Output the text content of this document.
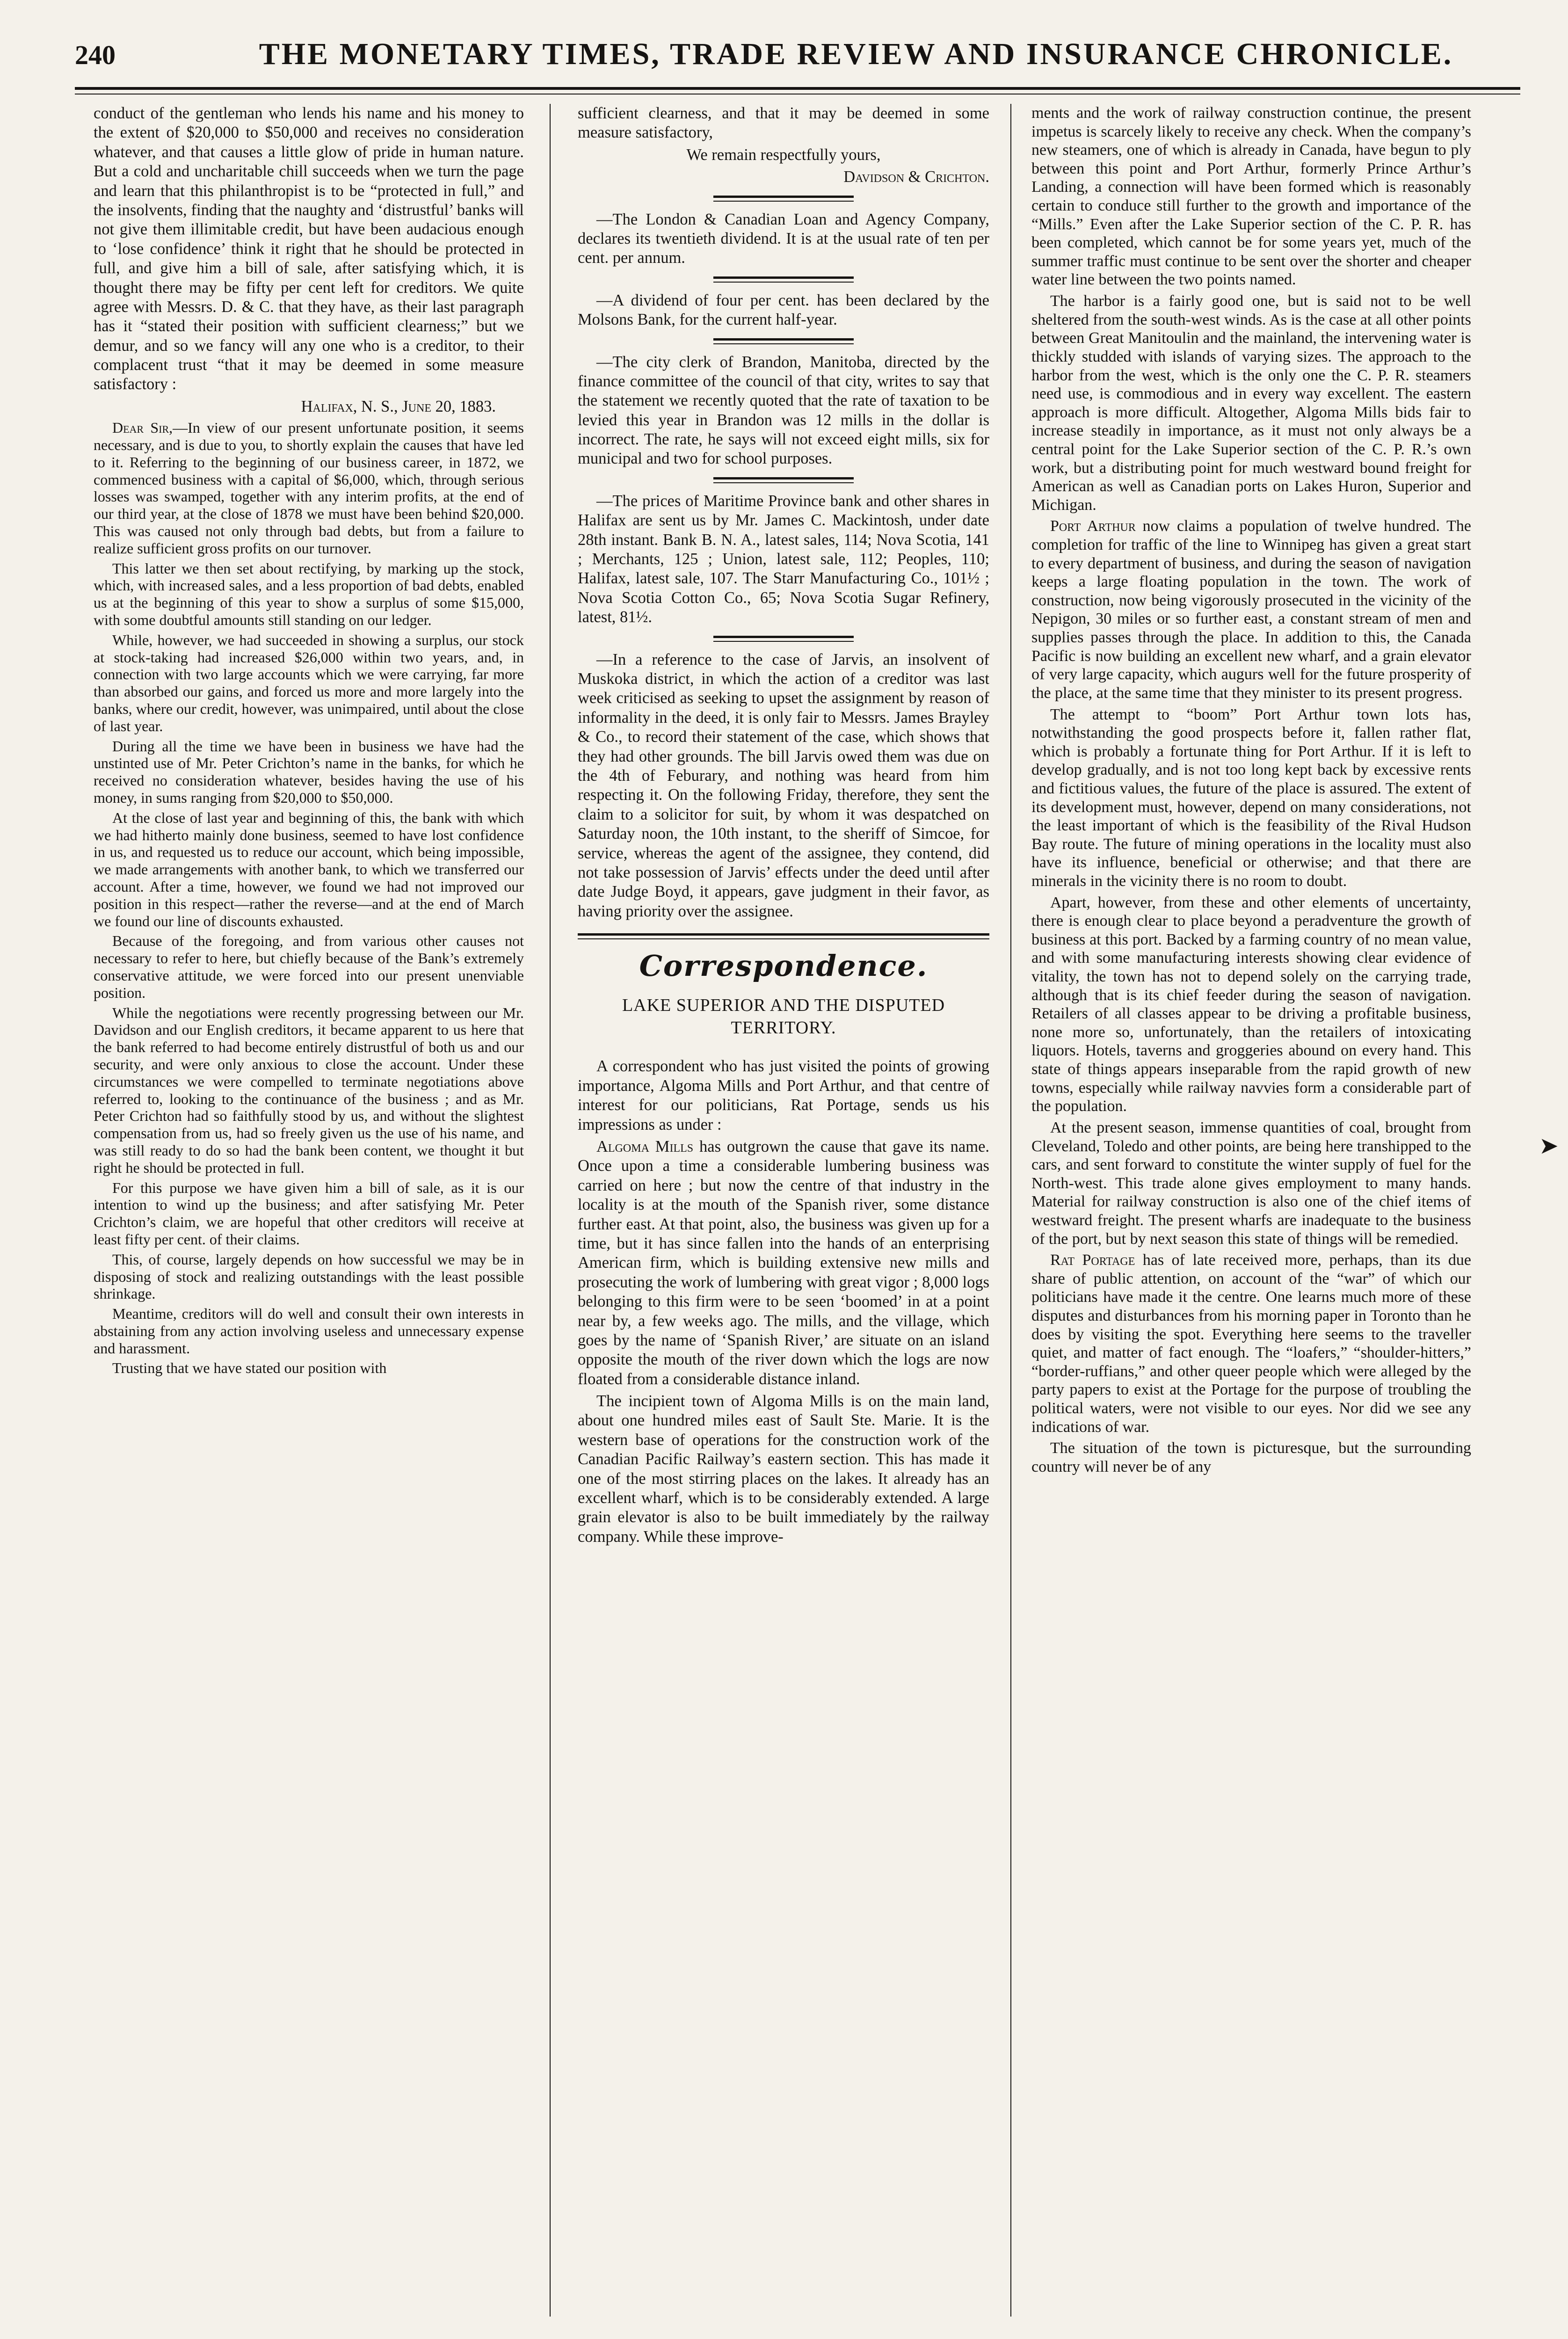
240	THE MONETARY TIMES, TRADE REVIEW AND INSURANCE CHRONICLE.

conduct of the gentleman who lends his name and his money to the extent of $20,000 to $50,000 and receives no consideration whatever, and that causes a little glow of pride in human nature. But a cold and uncharitable chill succeeds when we turn the page and learn that this philanthropist is to be “protected in full,” and the insolvents, finding that the naughty and ‘distrustful’ banks will not give them illimitable credit, but have been audacious enough to ‘lose confidence’ think it right that he should be protected in full, and give him a bill of sale, after satisfying which, it is thought there may be fifty per cent left for creditors. We quite agree with Messrs. D. & C. that they have, as their last paragraph has it “stated their position with sufficient clearness;” but we demur, and so we fancy will any one who is a creditor, to their complacent trust “that it may be deemed in some measure satisfactory :

Halifax, N. S., June 20, 1883.

Dear Sir,—In view of our present unfortunate position, it seems necessary, and is due to you, to shortly explain the causes that have led to it. Referring to the beginning of our business career, in 1872, we commenced business with a capital of $6,000, which, through serious losses was swamped, together with any interim profits, at the end of our third year, at the close of 1878 we must have been behind $20,000. This was caused not only through bad debts, but from a failure to realize sufficient gross profits on our turnover.

This latter we then set about rectifying, by marking up the stock, which, with increased sales, and a less proportion of bad debts, enabled us at the beginning of this year to show a surplus of some $15,000, with some doubtful amounts still standing on our ledger.

While, however, we had succeeded in showing a surplus, our stock at stock-taking had increased $26,000 within two years, and, in connection with two large accounts which we were carrying, far more than absorbed our gains, and forced us more and more largely into the banks, where our credit, however, was unimpaired, until about the close of last year.

During all the time we have been in business we have had the unstinted use of Mr. Peter Crichton’s name in the banks, for which he received no consideration whatever, besides having the use of his money, in sums ranging from $20,000 to $50,000.

At the close of last year and beginning of this, the bank with which we had hitherto mainly done business, seemed to have lost confidence in us, and requested us to reduce our account, which being impossible, we made arrangements with another bank, to which we transferred our account. After a time, however, we found we had not improved our position in this respect—rather the reverse—and at the end of March we found our line of discounts exhausted.

Because of the foregoing, and from various other causes not necessary to refer to here, but chiefly because of the Bank’s extremely conservative attitude, we were forced into our present unenviable position.

While the negotiations were recently progressing between our Mr. Davidson and our English creditors, it became apparent to us here that the bank referred to had become entirely distrustful of both us and our security, and were only anxious to close the account. Under these circumstances we were compelled to terminate negotiations above referred to, looking to the continuance of the business ; and as Mr. Peter Crichton had so faithfully stood by us, and without the slightest compensation from us, had so freely given us the use of his name, and was still ready to do so had the bank been content, we thought it but right he should be protected in full.

For this purpose we have given him a bill of sale, as it is our intention to wind up the business; and after satisfying Mr. Peter Crichton’s claim, we are hopeful that other creditors will receive at least fifty per cent. of their claims.

This, of course, largely depends on how successful we may be in disposing of stock and realizing outstandings with the least possible shrinkage.

Meantime, creditors will do well and consult their own interests in abstaining from any action involving useless and unnecessary expense and harassment.

Trusting that we have stated our position with

sufficient clearness, and that it may be deemed in some measure satisfactory,

We remain respectfully yours,

Davidson & Crichton.

—The London & Canadian Loan and Agency Company, declares its twentieth dividend. It is at the usual rate of ten per cent. per annum.

—A dividend of four per cent. has been declared by the Molsons Bank, for the current half-year.

—The city clerk of Brandon, Manitoba, directed by the finance committee of the council of that city, writes to say that the statement we recently quoted that the rate of taxation to be levied this year in Brandon was 12 mills in the dollar is incorrect. The rate, he says will not exceed eight mills, six for municipal and two for school purposes.

—The prices of Maritime Province bank and other shares in Halifax are sent us by Mr. James C. Mackintosh, under date 28th instant. Bank B. N. A., latest sales, 114; Nova Scotia, 141 ; Merchants, 125 ; Union, latest sale, 112; Peoples, 110; Halifax, latest sale, 107. The Starr Manufacturing Co., 101½ ; Nova Scotia Cotton Co., 65; Nova Scotia Sugar Refinery, latest, 81½.

—In a reference to the case of Jarvis, an insolvent of Muskoka district, in which the action of a creditor was last week criticised as seeking to upset the assignment by reason of informality in the deed, it is only fair to Messrs. James Brayley & Co., to record their statement of the case, which shows that they had other grounds. The bill Jarvis owed them was due on the 4th of Feburary, and nothing was heard from him respecting it. On the following Friday, therefore, they sent the claim to a solicitor for suit, by whom it was despatched on Saturday noon, the 10th instant, to the sheriff of Simcoe, for service, whereas the agent of the assignee, they contend, did not take possession of Jarvis’ effects under the deed until after date Judge Boyd, it appears, gave judgment in their favor, as having priority over the assignee.

Correspondence.
LAKE SUPERIOR AND THE DISPUTED TERRITORY.

A correspondent who has just visited the points of growing importance, Algoma Mills and Port Arthur, and that centre of interest for our politicians, Rat Portage, sends us his impressions as under :

Algoma Mills has outgrown the cause that gave its name. Once upon a time a considerable lumbering business was carried on here ; but now the centre of that industry in the locality is at the mouth of the Spanish river, some distance further east. At that point, also, the business was given up for a time, but it has since fallen into the hands of an enterprising American firm, which is building extensive new mills and prosecuting the work of lumbering with great vigor ; 8,000 logs belonging to this firm were to be seen ‘boomed’ in at a point near by, a few weeks ago. The mills, and the village, which goes by the name of ‘Spanish River,’ are situate on an island opposite the mouth of the river down which the logs are now floated from a considerable distance inland.

The incipient town of Algoma Mills is on the main land, about one hundred miles east of Sault Ste. Marie. It is the western base of operations for the construction work of the Canadian Pacific Railway’s eastern section. This has made it one of the most stirring places on the lakes. It already has an excellent wharf, which is to be considerably extended. A large grain elevator is also to be built immediately by the railway company. While these improve-

ments and the work of railway construction continue, the present impetus is scarcely likely to receive any check. When the company’s new steamers, one of which is already in Canada, have begun to ply between this point and Port Arthur, formerly Prince Arthur’s Landing, a connection will have been formed which is reasonably certain to conduce still further to the growth and importance of the “Mills.” Even after the Lake Superior section of the C. P. R. has been completed, which cannot be for some years yet, much of the summer traffic must continue to be sent over the shorter and cheaper water line between the two points named.

The harbor is a fairly good one, but is said not to be well sheltered from the south-west winds. As is the case at all other points between Great Manitoulin and the mainland, the intervening water is thickly studded with islands of varying sizes. The approach to the harbor from the west, which is the only one the C. P. R. steamers need use, is commodious and in every way excellent. The eastern approach is more difficult. Altogether, Algoma Mills bids fair to increase steadily in importance, as it must not only always be a central point for the Lake Superior section of the C. P. R.’s own work, but a distributing point for much westward bound freight for American as well as Canadian ports on Lakes Huron, Superior and Michigan.

Port Arthur now claims a population of twelve hundred. The completion for traffic of the line to Winnipeg has given a great start to every department of business, and during the season of navigation keeps a large floating population in the town. The work of construction, now being vigorously prosecuted in the vicinity of the Nepigon, 30 miles or so further east, a constant stream of men and supplies passes through the place. In addition to this, the Canada Pacific is now building an excellent new wharf, and a grain elevator of very large capacity, which augurs well for the future prosperity of the place, at the same time that they minister to its present progress.

The attempt to “boom” Port Arthur town lots has, notwithstanding the good prospects before it, fallen rather flat, which is probably a fortunate thing for Port Arthur. If it is left to develop gradually, and is not too long kept back by excessive rents and fictitious values, the future of the place is assured. The extent of its development must, however, depend on many considerations, not the least important of which is the feasibility of the Rival Hudson Bay route. The future of mining operations in the locality must also have its influence, beneficial or otherwise; and that there are minerals in the vicinity there is no room to doubt.

Apart, however, from these and other elements of uncertainty, there is enough clear to place beyond a peradventure the growth of business at this port. Backed by a farming country of no mean value, and with some manufacturing interests showing clear evidence of vitality, the town has not to depend solely on the carrying trade, although that is its chief feeder during the season of navigation. Retailers of all classes appear to be driving a profitable business, none more so, unfortunately, than the retailers of intoxicating liquors. Hotels, taverns and groggeries abound on every hand. This state of things appears inseparable from the rapid growth of new towns, especially while railway navvies form a considerable part of the population.

At the present season, immense quantities of coal, brought from Cleveland, Toledo and other points, are being here transhipped to the cars, and sent forward to constitute the winter supply of fuel for the North-west. This trade alone gives employment to many hands. Material for railway construction is also one of the chief items of westward freight. The present wharfs are inadequate to the business of the port, but by next season this state of things will be remedied.

Rat Portage has of late received more, perhaps, than its due share of public attention, on account of the “war” of which our politicians have made it the centre. One learns much more of these disputes and disturbances from his morning paper in Toronto than he does by visiting the spot. Everything here seems to the traveller quiet, and matter of fact enough. The “loafers,” “shoulder-hitters,” “border-ruffians,” and other queer people which were alleged by the party papers to exist at the Portage for the purpose of troubling the political waters, were not visible to our eyes. Nor did we see any indications of war.

The situation of the town is picturesque, but the surrounding country will never be of any

➤
